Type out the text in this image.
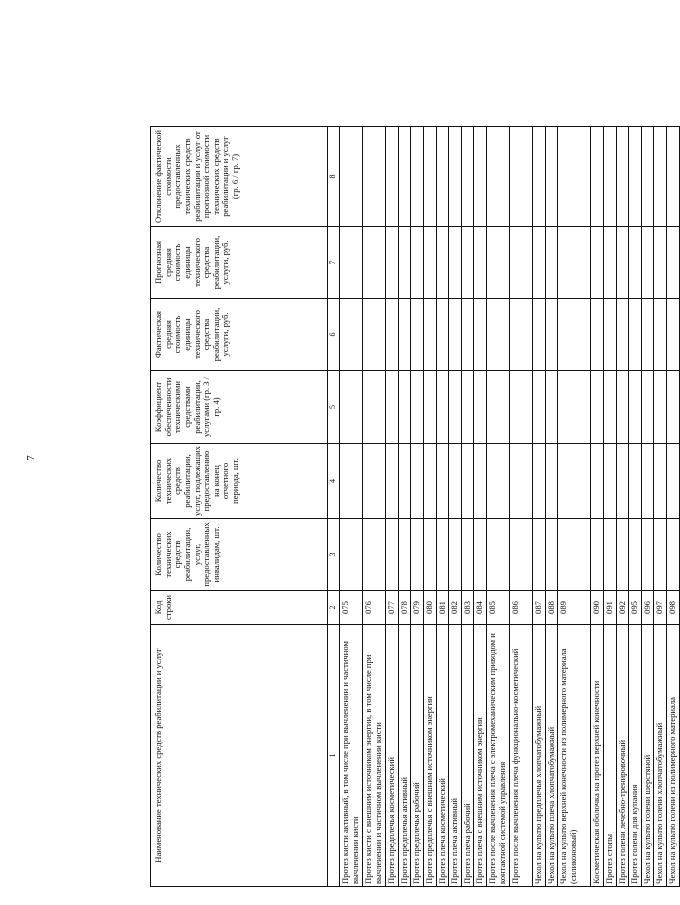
7
Наименование технических средств реабилитации и услуг	Код строки	Количество технических средств реабилитации, услуг, предоставленных инвалидам, шт.	Количество технических средств реабилитации, услуг, подлежащих предоставлению на конец отчетного периода, шт.	Коэффициент обеспеченности техническими средствами реабилитации, услугами (гр. 3 / гр. 4)	Фактическая средняя стоимость единицы технического средства реабилитации, услуги, руб.	Прогнозная средняя стоимость единицы технического средства реабилитации, услуги, руб.	Отклонение фактической стоимости предоставленных технических средств реабилитации и услуг от прогнозной стоимости технических средств реабилитации и услуг (гр. 6 / гр. 7)
1	2	3	4	5	6	7	8
Протез кисти активный, в том числе при вычленении и частичном вычленении кисти	075						
Протез кисти с внешним источником энергии, в том числе при вычленении и частичном вычленении кисти	076						
Протез предплечья косметический	077						
Протез предплечья активный	078						
Протез предплечья рабочий	079						
Протез предплечья с внешним источником энергии	080						
Протез плеча косметический	081						
Протез плеча активный	082						
Протез плеча рабочий	083						
Протез плеча с внешним источником энергии	084						
Протез после вычленения плеча с электромеханическим приводом и контактной системой управления	085						
Протез после вычленения плеча функционально-косметический	086						
Чехол на культю предплечья хлопчатобумажный	087						
Чехол на культю плеча хлопчатобумажный	088						
Чехол на культю верхней конечности из полимерного материала (силиконовый)	089						
Косметическая оболочка на протез верхней конечности	090						
Протез стопы	091						
Протез голени лечебно-тренировочный	092						
Протез голени для купания	095						
Чехол на культю голени шерстяной	096						
Чехол на культю голени хлопчатобумажный	097						
Чехол на культю голени из полимерного материала	098						
